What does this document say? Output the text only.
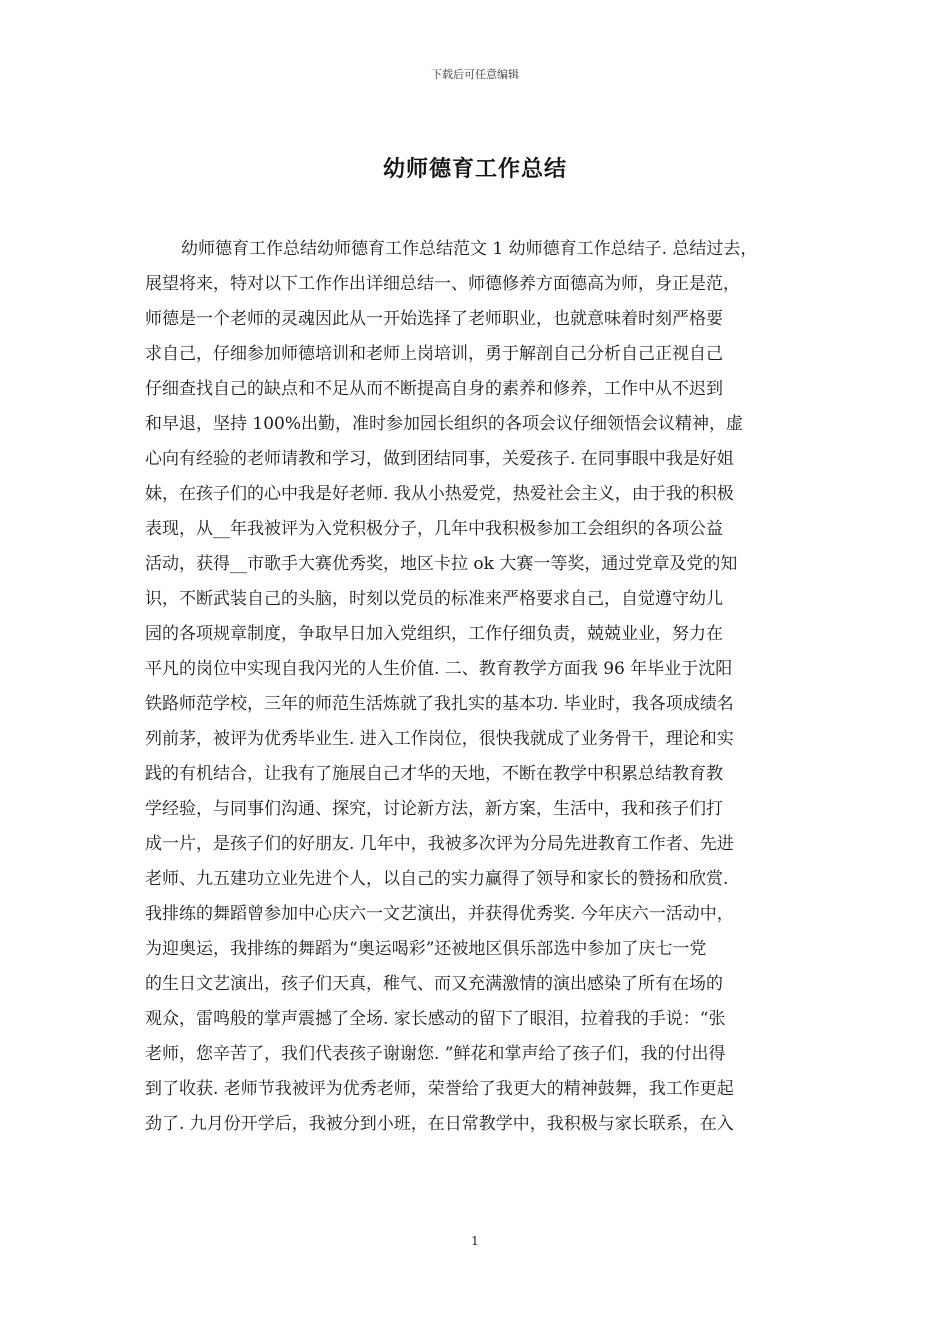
下载后可任意编辑
幼师德育工作总结
幼师德育工作总结幼师德育工作总结范文 1 幼师德育工作总结子. 总结过去，
展望将来，特对以下工作作出详细总结一、师德修养方面德高为师，身正是范，
师德是一个老师的灵魂因此从一开始选择了老师职业，也就意味着时刻严格要
求自己，仔细参加师德培训和老师上岗培训，勇于解剖自己分析自己正视自己
仔细查找自己的缺点和不足从而不断提高自身的素养和修养，工作中从不迟到
和早退，坚持 100%出勤，准时参加园长组织的各项会议仔细领悟会议精神，虚
心向有经验的老师请教和学习，做到团结同事，关爱孩子. 在同事眼中我是好姐
妹，在孩子们的心中我是好老师. 我从小热爱党，热爱社会主义，由于我的积极
表现，从__年我被评为入党积极分子，几年中我积极参加工会组织的各项公益
活动，获得__市歌手大赛优秀奖，地区卡拉 ok 大赛一等奖，通过党章及党的知
识，不断武装自己的头脑，时刻以党员的标准来严格要求自己，自觉遵守幼儿
园的各项规章制度，争取早日加入党组织，工作仔细负责，兢兢业业，努力在
平凡的岗位中实现自我闪光的人生价值. 二、教育教学方面我 96 年毕业于沈阳
铁路师范学校，三年的师范生活炼就了我扎实的基本功. 毕业时，我各项成绩名
列前茅，被评为优秀毕业生. 进入工作岗位，很快我就成了业务骨干，理论和实
践的有机结合，让我有了施展自己才华的天地，不断在教学中积累总结教育教
学经验，与同事们沟通、探究，讨论新方法，新方案，生活中，我和孩子们打
成一片，是孩子们的好朋友. 几年中，我被多次评为分局先进教育工作者、先进
老师、九五建功立业先进个人，以自己的实力赢得了领导和家长的赞扬和欣赏.
我排练的舞蹈曾参加中心庆六一文艺演出，并获得优秀奖. 今年庆六一活动中，
为迎奥运，我排练的舞蹈为“奥运喝彩”还被地区俱乐部选中参加了庆七一党
的生日文艺演出，孩子们天真，稚气、而又充满激情的演出感染了所有在场的
观众，雷鸣般的掌声震撼了全场. 家长感动的留下了眼泪，拉着我的手说：“张
老师，您辛苦了，我们代表孩子谢谢您. ”鲜花和掌声给了孩子们，我的付出得
到了收获. 老师节我被评为优秀老师，荣誉给了我更大的精神鼓舞，我工作更起
劲了. 九月份开学后，我被分到小班，在日常教学中，我积极与家长联系，在入
1
